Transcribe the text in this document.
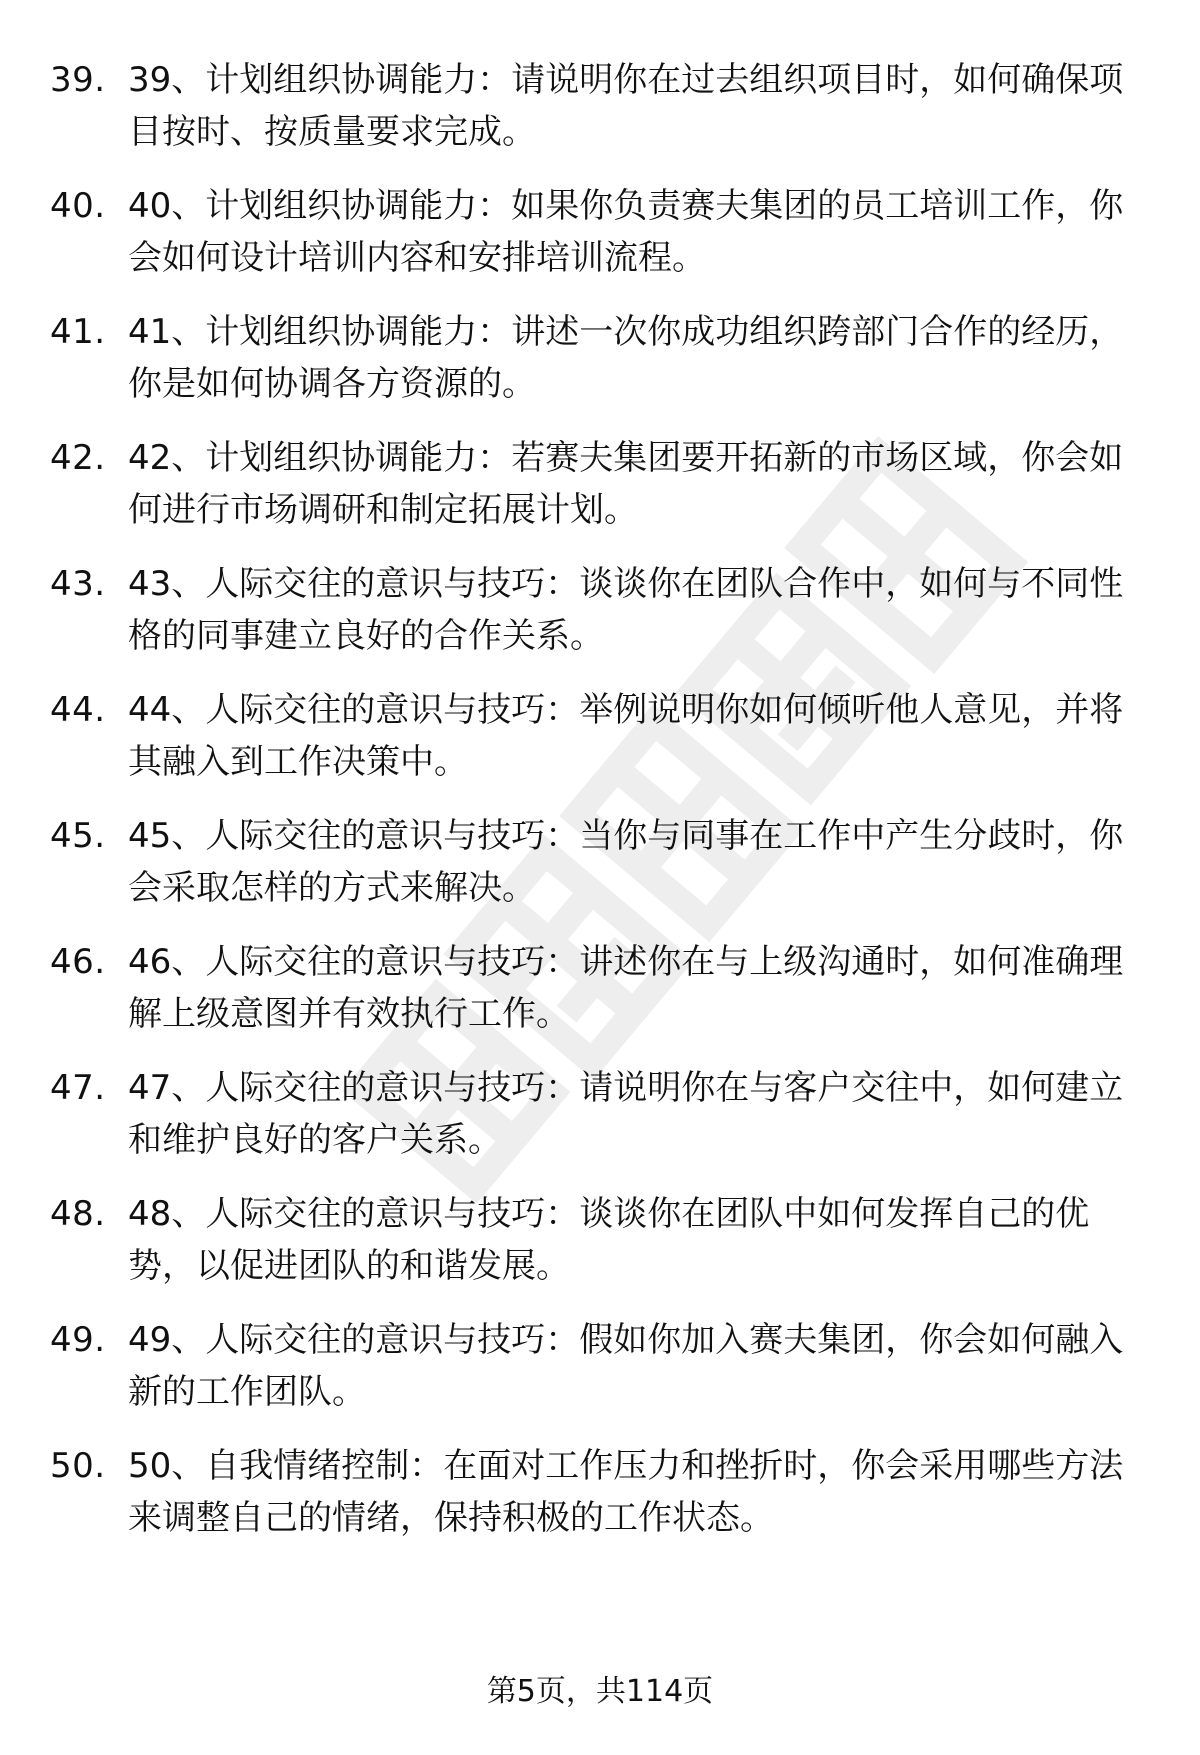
39. 39、计划组织协调能力：请说明你在过去组织项目时，如何确保项目按时、按质量要求完成。
40. 40、计划组织协调能力：如果你负责赛夫集团的员工培训工作，你会如何设计培训内容和安排培训流程。
41. 41、计划组织协调能力：讲述一次你成功组织跨部门合作的经历，你是如何协调各方资源的。
42. 42、计划组织协调能力：若赛夫集团要开拓新的市场区域，你会如何进行市场调研和制定拓展计划。
43. 43、人际交往的意识与技巧：谈谈你在团队合作中，如何与不同性格的同事建立良好的合作关系。
44. 44、人际交往的意识与技巧：举例说明你如何倾听他人意见，并将其融入到工作决策中。
45. 45、人际交往的意识与技巧：当你与同事在工作中产生分歧时，你会采取怎样的方式来解决。
46. 46、人际交往的意识与技巧：讲述你在与上级沟通时，如何准确理解上级意图并有效执行工作。
47. 47、人际交往的意识与技巧：请说明你在与客户交往中，如何建立和维护良好的客户关系。
48. 48、人际交往的意识与技巧：谈谈你在团队中如何发挥自己的优势，以促进团队的和谐发展。
49. 49、人际交往的意识与技巧：假如你加入赛夫集团，你会如何融入新的工作团队。
50. 50、自我情绪控制：在面对工作压力和挫折时，你会采用哪些方法来调整自己的情绪，保持积极的工作状态。
第5页，共114页
